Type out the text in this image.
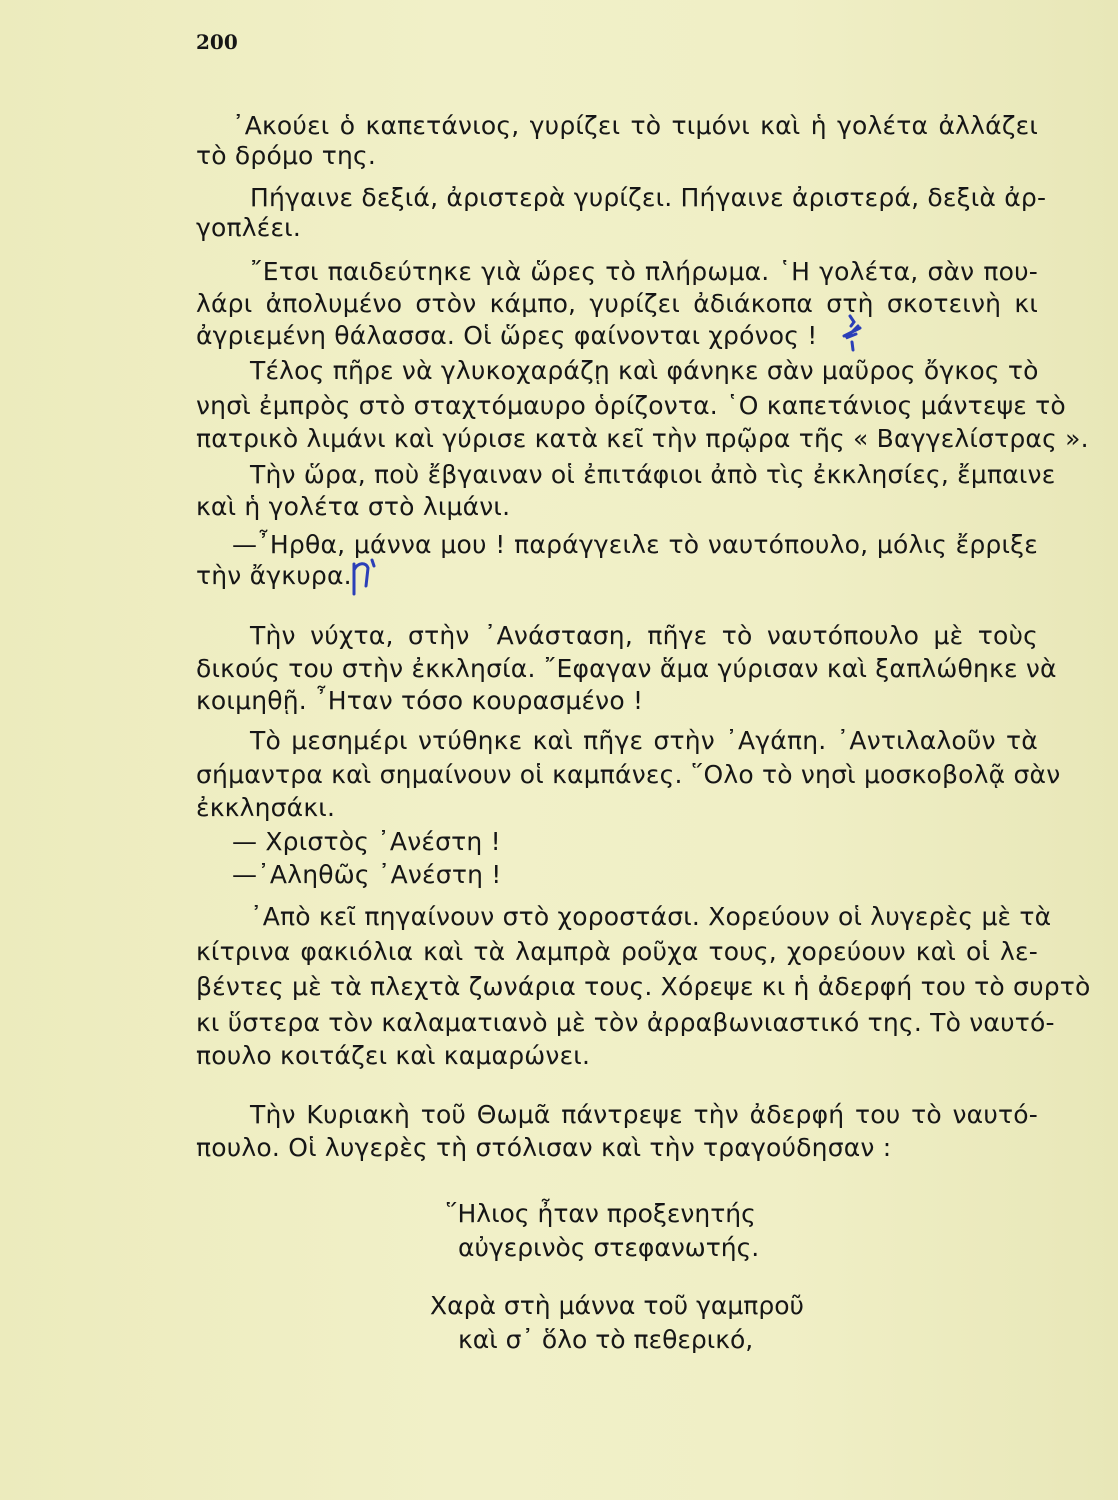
200
᾿Ακούει ὁ καπετάνιος, γυρίζει τὸ τιμόνι καὶ ἡ γολέτα ἀλλάζει
τὸ δρόμο της.
Πήγαινε δεξιά, ἀριστερὰ γυρίζει. Πήγαινε ἀριστερά, δεξιὰ ἀρ-
γοπλέει.
῎Ετσι παιδεύτηκε γιὰ ὥρες τὸ πλήρωμα. ῾Η γολέτα, σὰν που-
λάρι ἀπολυμένο στὸν κάμπο, γυρίζει ἀδιάκοπα στὴ σκοτεινὴ κι
ἀγριεμένη θάλασσα. Οἱ ὥρες φαίνονται χρόνος !
Τέλος πῆρε νὰ γλυκοχαράζῃ καὶ φάνηκε σὰν μαῦρος ὄγκος τὸ
νησὶ ἐμπρὸς στὸ σταχτόμαυρο ὁρίζοντα. ῾Ο καπετάνιος μάντεψε τὸ
πατρικὸ λιμάνι καὶ γύρισε κατὰ κεῖ τὴν πρῷρα τῆς « Βαγγελίστρας ».
Τὴν ὥρα, ποὺ ἔβγαιναν οἱ ἐπιτάφιοι ἀπὸ τὶς ἐκκλησίες, ἔμπαινε
καὶ ἡ γολέτα στὸ λιμάνι.
—῏Ηρθα, μάννα μου ! παράγγειλε τὸ ναυτόπουλο, μόλις ἔρριξε
τὴν ἄγκυρα.
Τὴν νύχτα, στὴν ᾿Ανάσταση, πῆγε τὸ ναυτόπουλο μὲ τοὺς
δικούς του στὴν ἐκκλησία. ῎Εφαγαν ἅμα γύρισαν καὶ ξαπλώθηκε νὰ
κοιμηθῇ. ῏Ηταν τόσο κουρασμένο !
Τὸ μεσημέρι ντύθηκε καὶ πῆγε στὴν ᾿Αγάπη. ᾿Αντιλαλοῦν τὰ
σήμαντρα καὶ σημαίνουν οἱ καμπάνες. ῞Ολο τὸ νησὶ μοσκοβολᾷ σὰν
ἐκκλησάκι.
— Χριστὸς ᾿Ανέστη !
—᾿Αληθῶς ᾿Ανέστη !
᾿Απὸ κεῖ πηγαίνουν στὸ χοροστάσι. Χορεύουν οἱ λυγερὲς μὲ τὰ
κίτρινα φακιόλια καὶ τὰ λαμπρὰ ροῦχα τους, χορεύουν καὶ οἱ λε-
βέντες μὲ τὰ πλεχτὰ ζωνάρια τους. Χόρεψε κι ἡ ἀδερφή του τὸ συρτὸ
κι ὕστερα τὸν καλαματιανὸ μὲ τὸν ἀρραβωνιαστικό της. Τὸ ναυτό-
πουλο κοιτάζει καὶ καμαρώνει.
Τὴν Κυριακὴ τοῦ Θωμᾶ πάντρεψε τὴν ἀδερφή του τὸ ναυτό-
πουλο. Οἱ λυγερὲς τὴ στόλισαν καὶ τὴν τραγούδησαν :
῞Ηλιος ἦταν προξενητής
αὐγερινὸς στεφανωτής.
Χαρὰ στὴ μάννα τοῦ γαμπροῦ
καὶ σ᾿ ὅλο τὸ πεθερικό,
